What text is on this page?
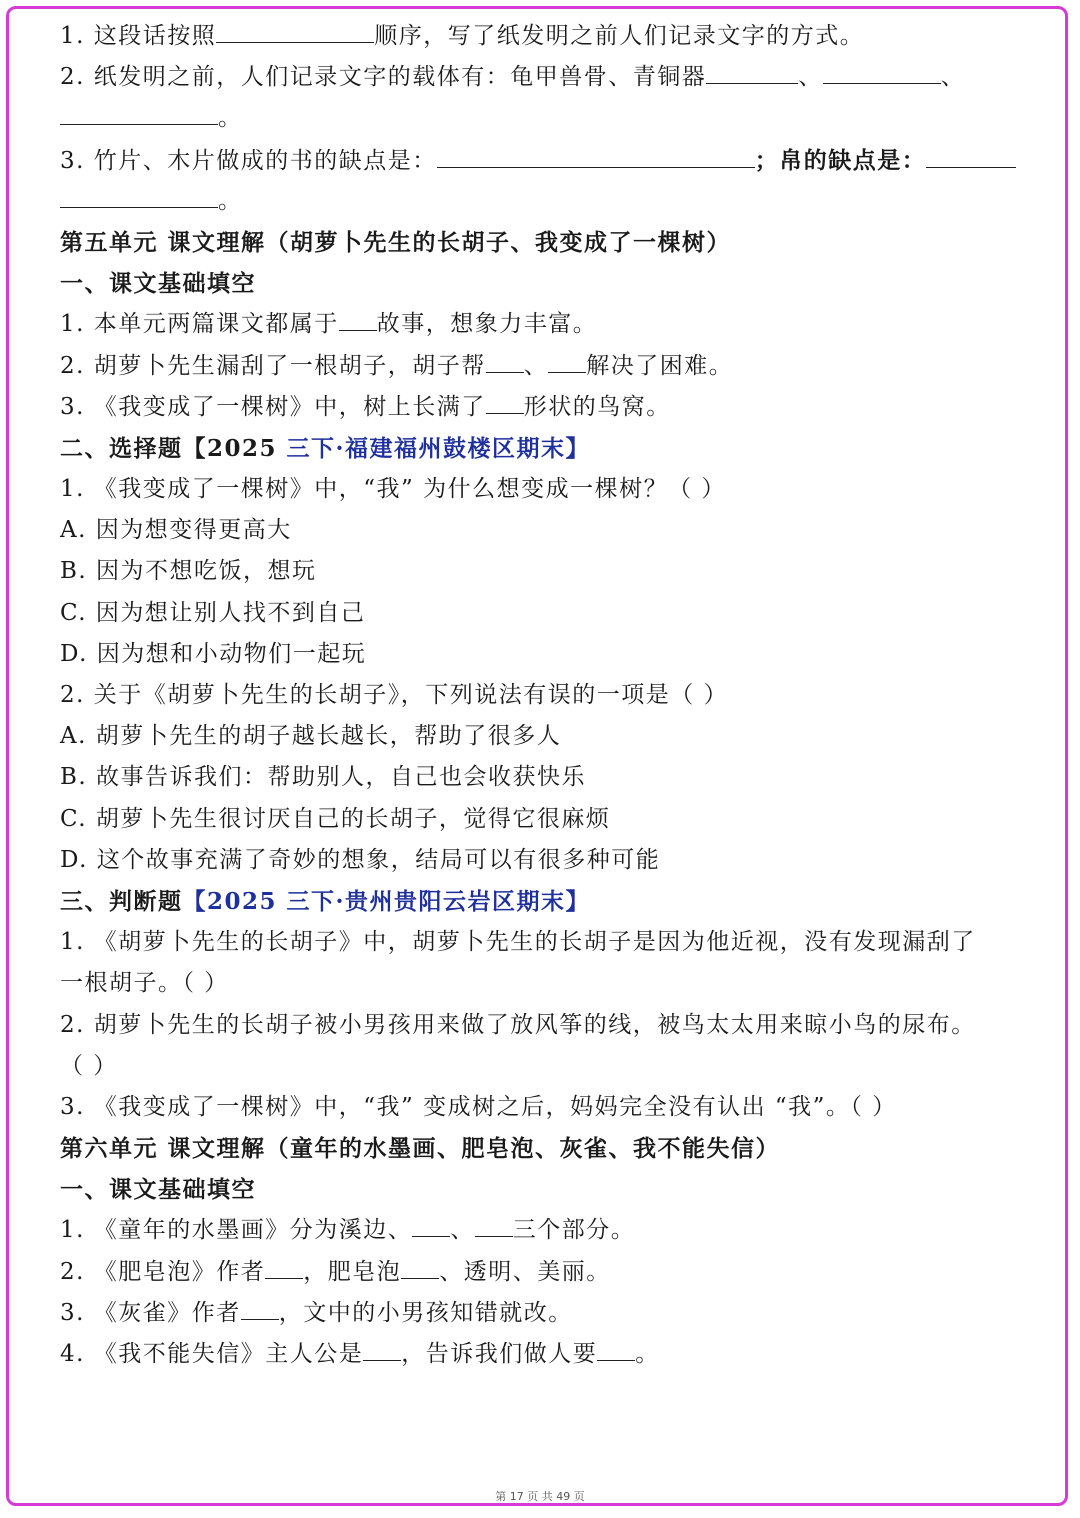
1. 这段话按照	顺序，写了纸发明之前人们记录文字的方式。
2. 纸发明之前，人们记录文字的载体有：龟甲兽骨、青铜器	、	、
。
3. 竹片、木片做成的书的缺点是：	；帛的缺点是：
。
第五单元 课文理解（胡萝卜先生的长胡子、我变成了一棵树）
一、课文基础填空
1. 本单元两篇课文都属于 故事，想象力丰富。
2. 胡萝卜先生漏刮了一根胡子，胡子帮 、 解决了困难。
3. 《我变成了一棵树》中，树上长满了 形状的鸟窝。
二、选择题【2025 三下·福建福州鼓楼区期末】
1. 《我变成了一棵树》中，“我” 为什么想变成一棵树？（ ）
A. 因为想变得更高大
B. 因为不想吃饭，想玩
C. 因为想让别人找不到自己
D. 因为想和小动物们一起玩
2. 关于《胡萝卜先生的长胡子》，下列说法有误的一项是（ ）
A. 胡萝卜先生的胡子越长越长，帮助了很多人
B. 故事告诉我们：帮助别人，自己也会收获快乐
C. 胡萝卜先生很讨厌自己的长胡子，觉得它很麻烦
D. 这个故事充满了奇妙的想象，结局可以有很多种可能
三、判断题【2025 三下·贵州贵阳云岩区期末】
1. 《胡萝卜先生的长胡子》中，胡萝卜先生的长胡子是因为他近视，没有发现漏刮了
一根胡子。（ ）
2. 胡萝卜先生的长胡子被小男孩用来做了放风筝的线，被鸟太太用来晾小鸟的尿布。
（ ）
3. 《我变成了一棵树》中，“我” 变成树之后，妈妈完全没有认出 “我”。（ ）
第六单元 课文理解（童年的水墨画、肥皂泡、灰雀、我不能失信）
一、课文基础填空
1. 《童年的水墨画》分为溪边、 、 三个部分。
2. 《肥皂泡》作者 ，肥皂泡 、透明、美丽。
3. 《灰雀》作者 ，文中的小男孩知错就改。
4. 《我不能失信》主人公是 ，告诉我们做人要 。
第 17 页 共 49 页
